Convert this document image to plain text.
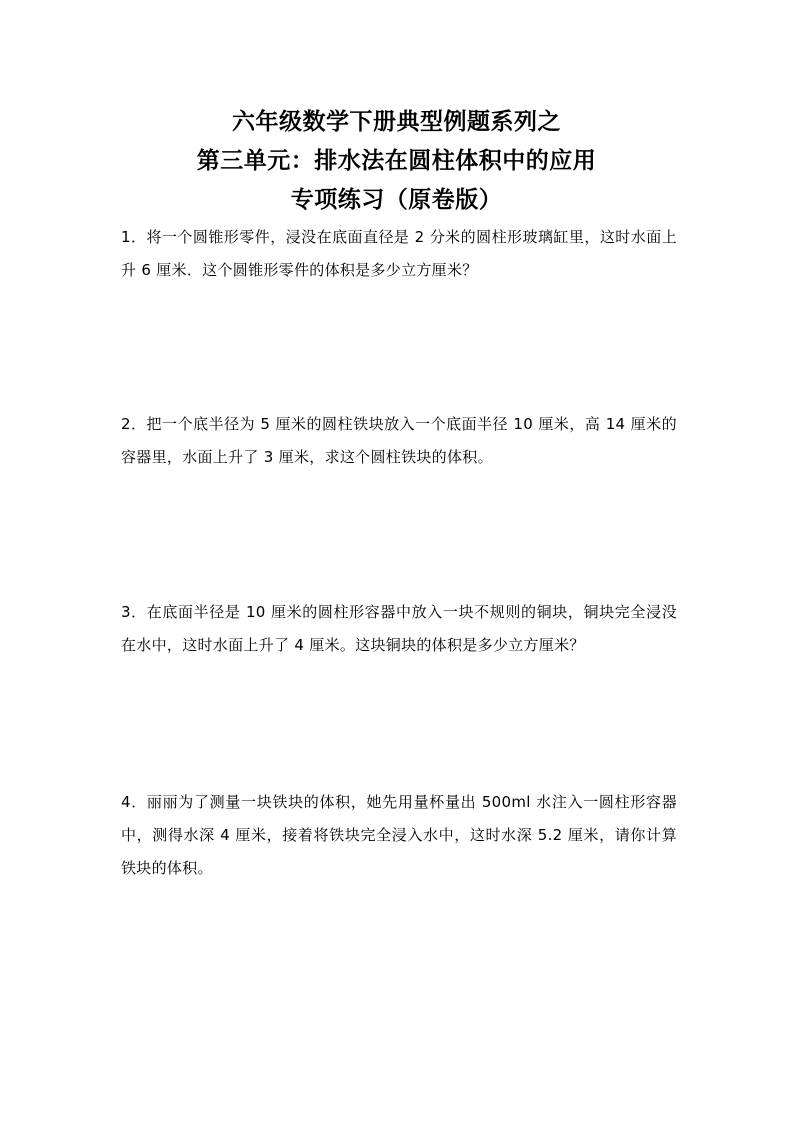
六年级数学下册典型例题系列之
第三单元：排水法在圆柱体积中的应用
专项练习（原卷版）
1．将一个圆锥形零件，浸没在底面直径是 2 分米的圆柱形玻璃缸里，这时水面上升 6 厘米．这个圆锥形零件的体积是多少立方厘米？
2．把一个底半径为 5 厘米的圆柱铁块放入一个底面半径 10 厘米，高 14 厘米的容器里，水面上升了 3 厘米，求这个圆柱铁块的体积。
3．在底面半径是 10 厘米的圆柱形容器中放入一块不规则的铜块，铜块完全浸没在水中，这时水面上升了 4 厘米。这块铜块的体积是多少立方厘米？
4．丽丽为了测量一块铁块的体积，她先用量杯量出 500ml 水注入一圆柱形容器中，测得水深 4 厘米，接着将铁块完全浸入水中，这时水深 5.2 厘米，请你计算铁块的体积。
